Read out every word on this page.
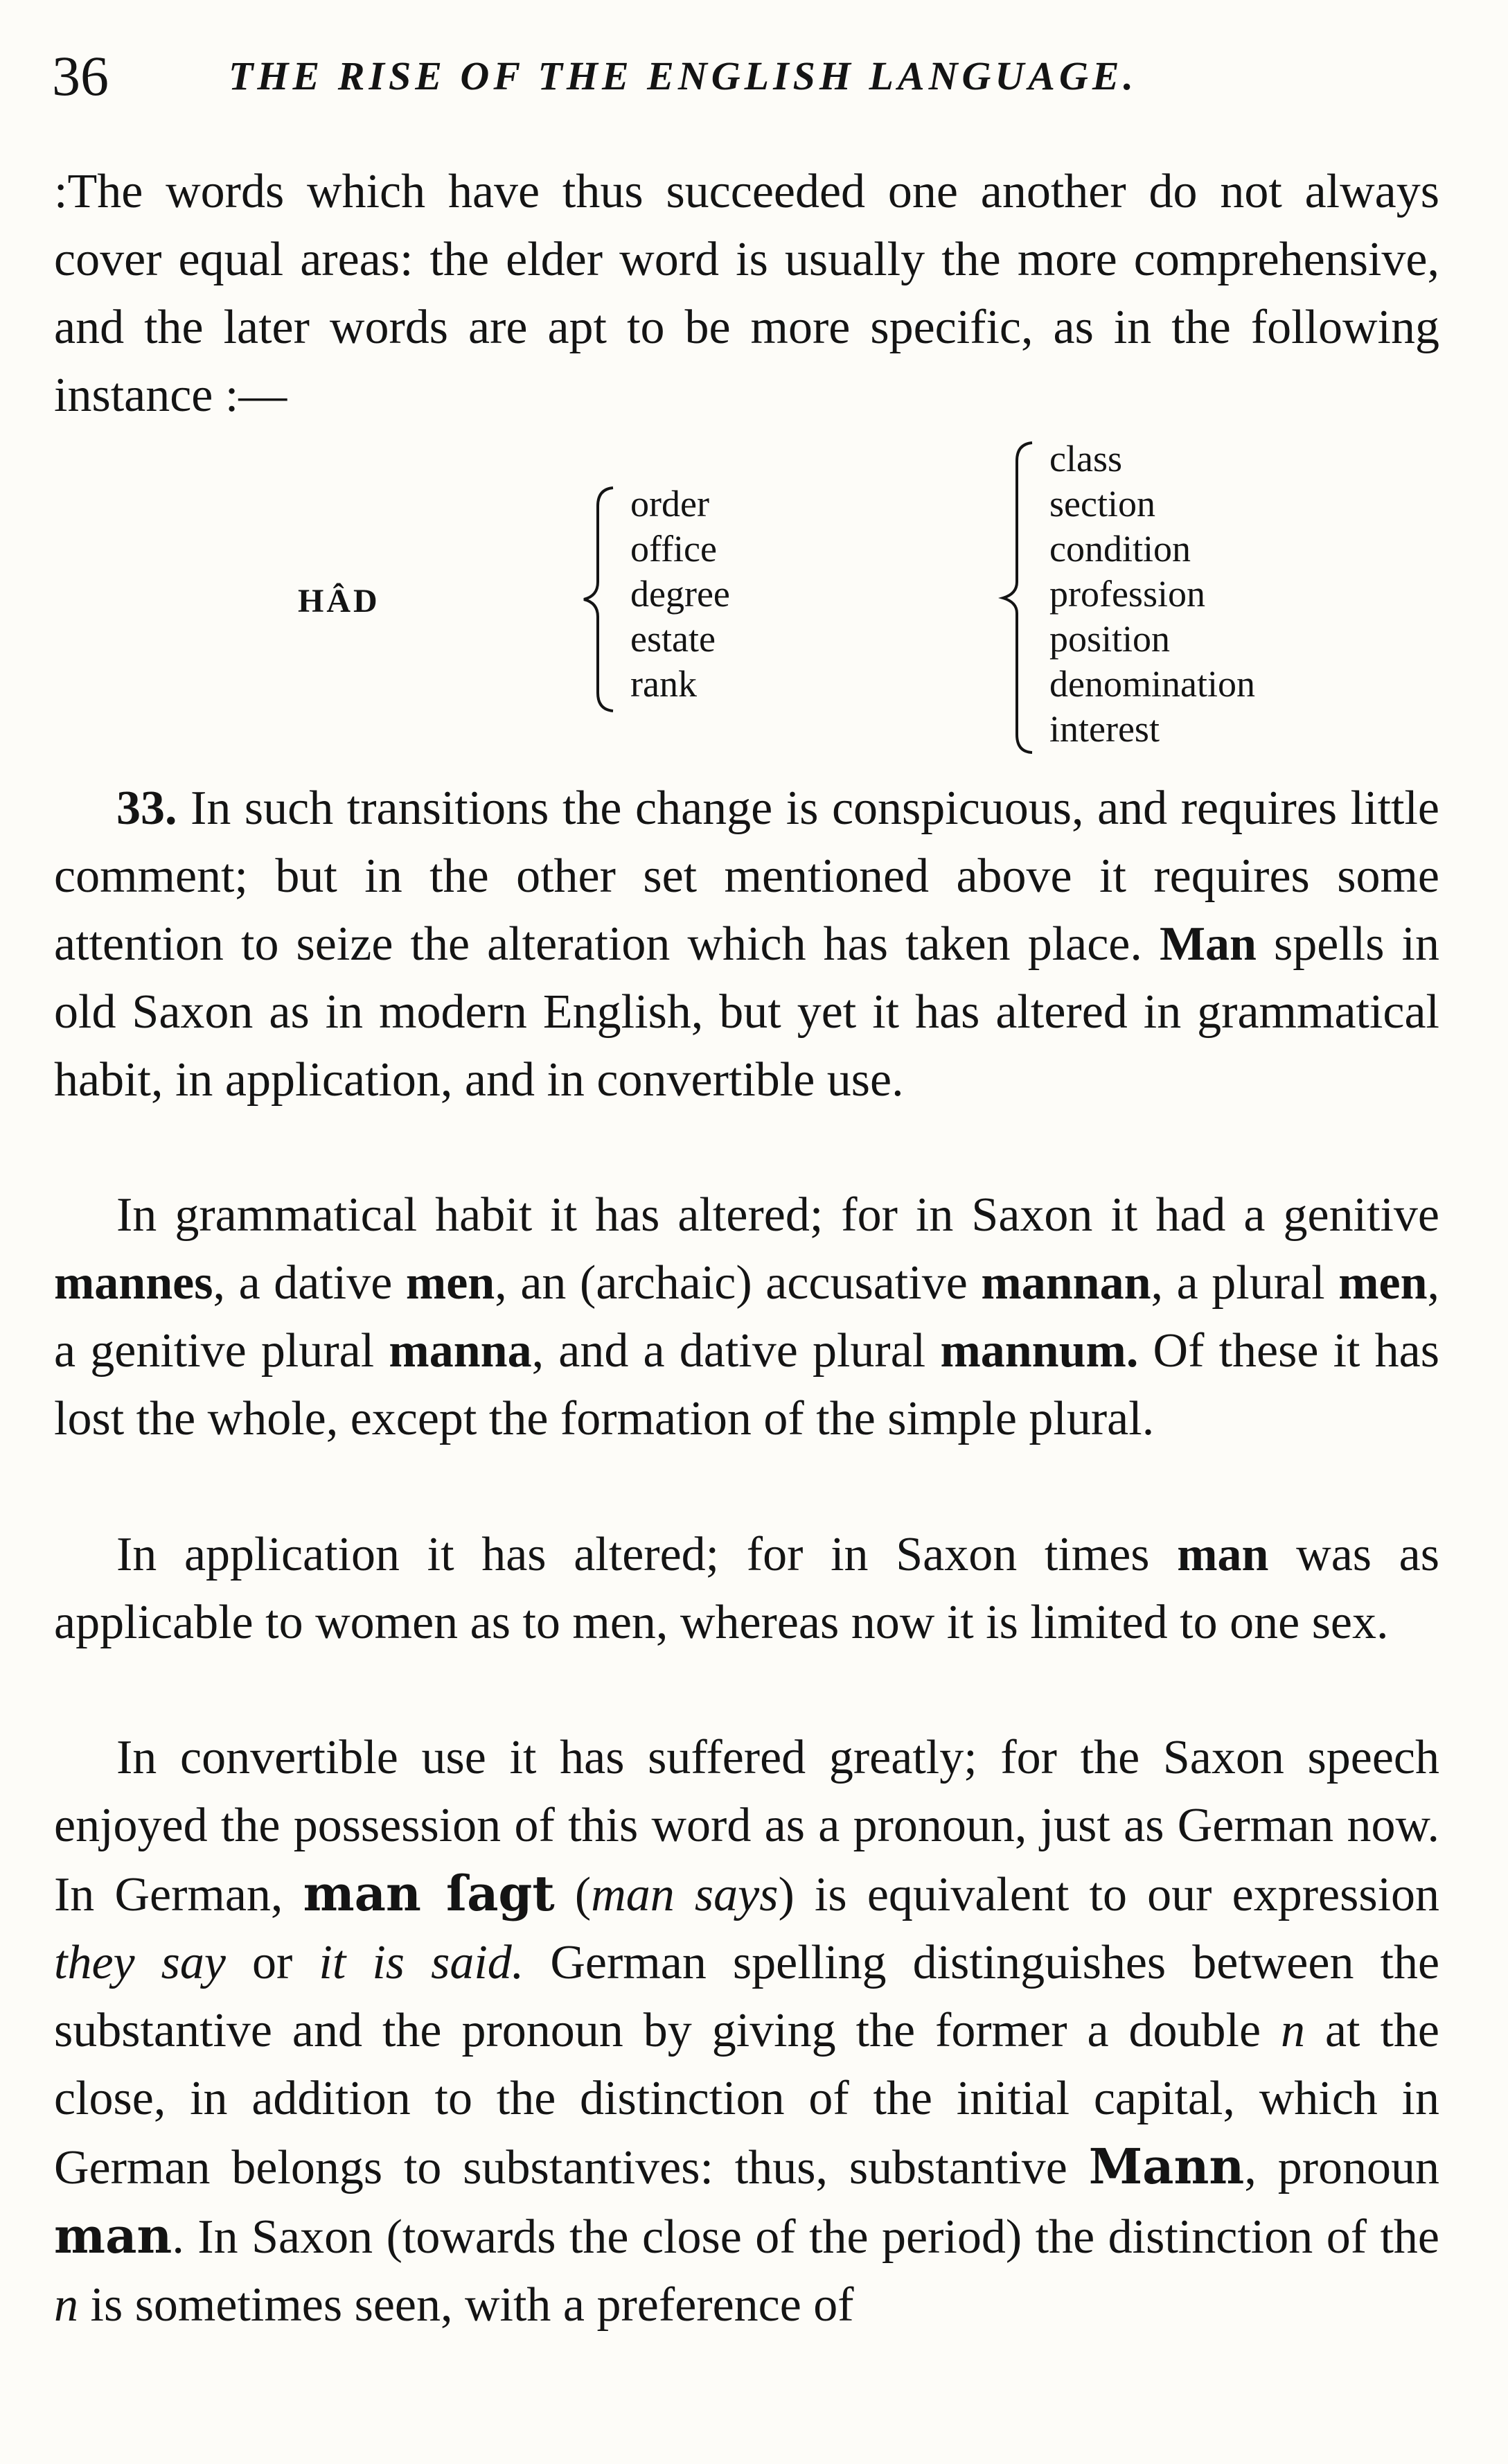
36	THE RISE OF THE ENGLISH LANGUAGE.

:The words which have thus succeeded one another do not always cover equal areas: the elder word is usually the more comprehensive, and the later words are apt to be more specific, as in the following instance :—

HÂD
order
office
degree
estate
rank
class
section
condition
profession
position
denomination
interest

33. In such transitions the change is conspicuous, and requires little comment; but in the other set mentioned above it requires some attention to seize the alteration which has taken place. Man spells in old Saxon as in modern English, but yet it has altered in grammatical habit, in application, and in convertible use.

In grammatical habit it has altered; for in Saxon it had a genitive mannes, a dative men, an (archaic) accusative mannan, a plural men, a genitive plural manna, and a dative plural mannum. Of these it has lost the whole, except the formation of the simple plural.

In application it has altered; for in Saxon times man was as applicable to women as to men, whereas now it is limited to one sex.

In convertible use it has suffered greatly; for the Saxon speech enjoyed the possession of this word as a pronoun, just as German now. In German, man ſagt (man says) is equivalent to our expression they say or it is said. German spelling distinguishes between the substantive and the pronoun by giving the former a double n at the close, in addition to the distinction of the initial capital, which in German belongs to substantives: thus, substantive Mann, pronoun man. In Saxon (towards the close of the period) the distinction of the n is sometimes seen, with a preference of
